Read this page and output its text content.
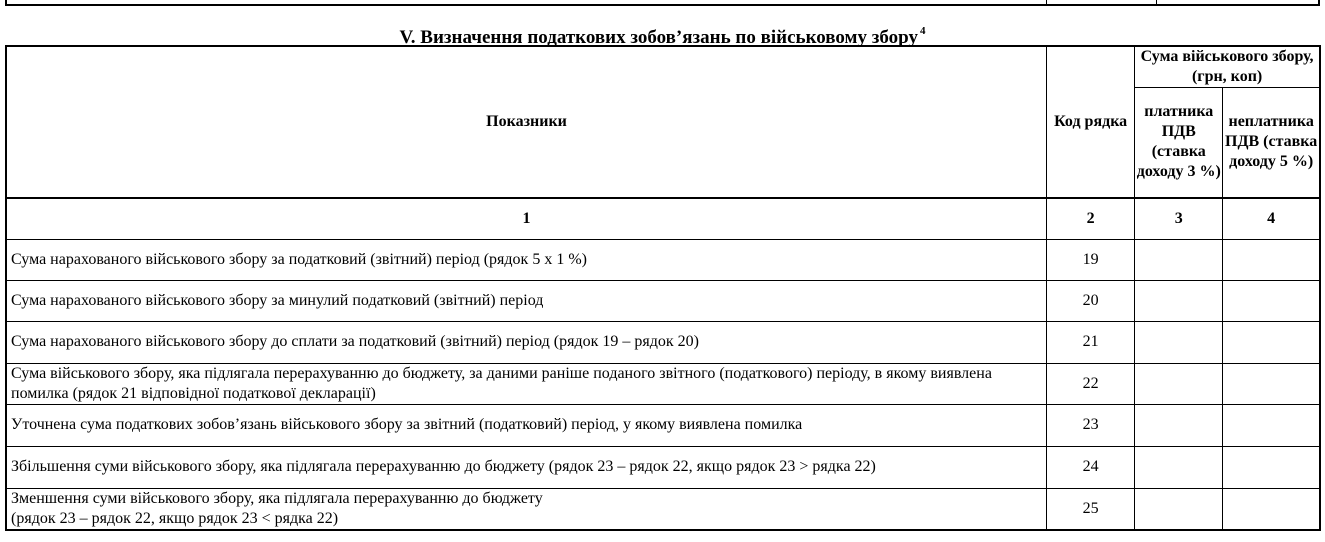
V. Визначення податкових зобов’язань по військовому збору $^4$
Показники	Код рядка	Сума військового збору, (грн, коп)	
		платника ПДВ (ставка доходу 3 %)	неплатника ПДВ (ставка доходу 5 %)
1	2	3	4
Сума нарахованого військового збору за податковий (звітний) період (рядок 5 х 1 %)	19		
Сума нарахованого військового збору за минулий податковий (звітний) період	20		
Сума нарахованого військового збору до сплати за податковий (звітний) період (рядок 19 – рядок 20)	21		
Сума військового збору, яка підлягала перерахуванню до бюджету, за даними раніше поданого звітного (податкового) періоду, в якому виявлена помилка (рядок 21 відповідної податкової декларації)	22		
Уточнена сума податкових зобов’язань військового збору за звітний (податковий) період, у якому виявлена помилка	23		
Збільшення суми військового збору, яка підлягала перерахуванню до бюджету (рядок 23 – рядок 22, якщо рядок 23 > рядка 22)	24		
Зменшення суми військового збору, яка підлягала перерахуванню до бюджету
(рядок 23 – рядок 22, якщо рядок 23 < рядка 22)	25		
